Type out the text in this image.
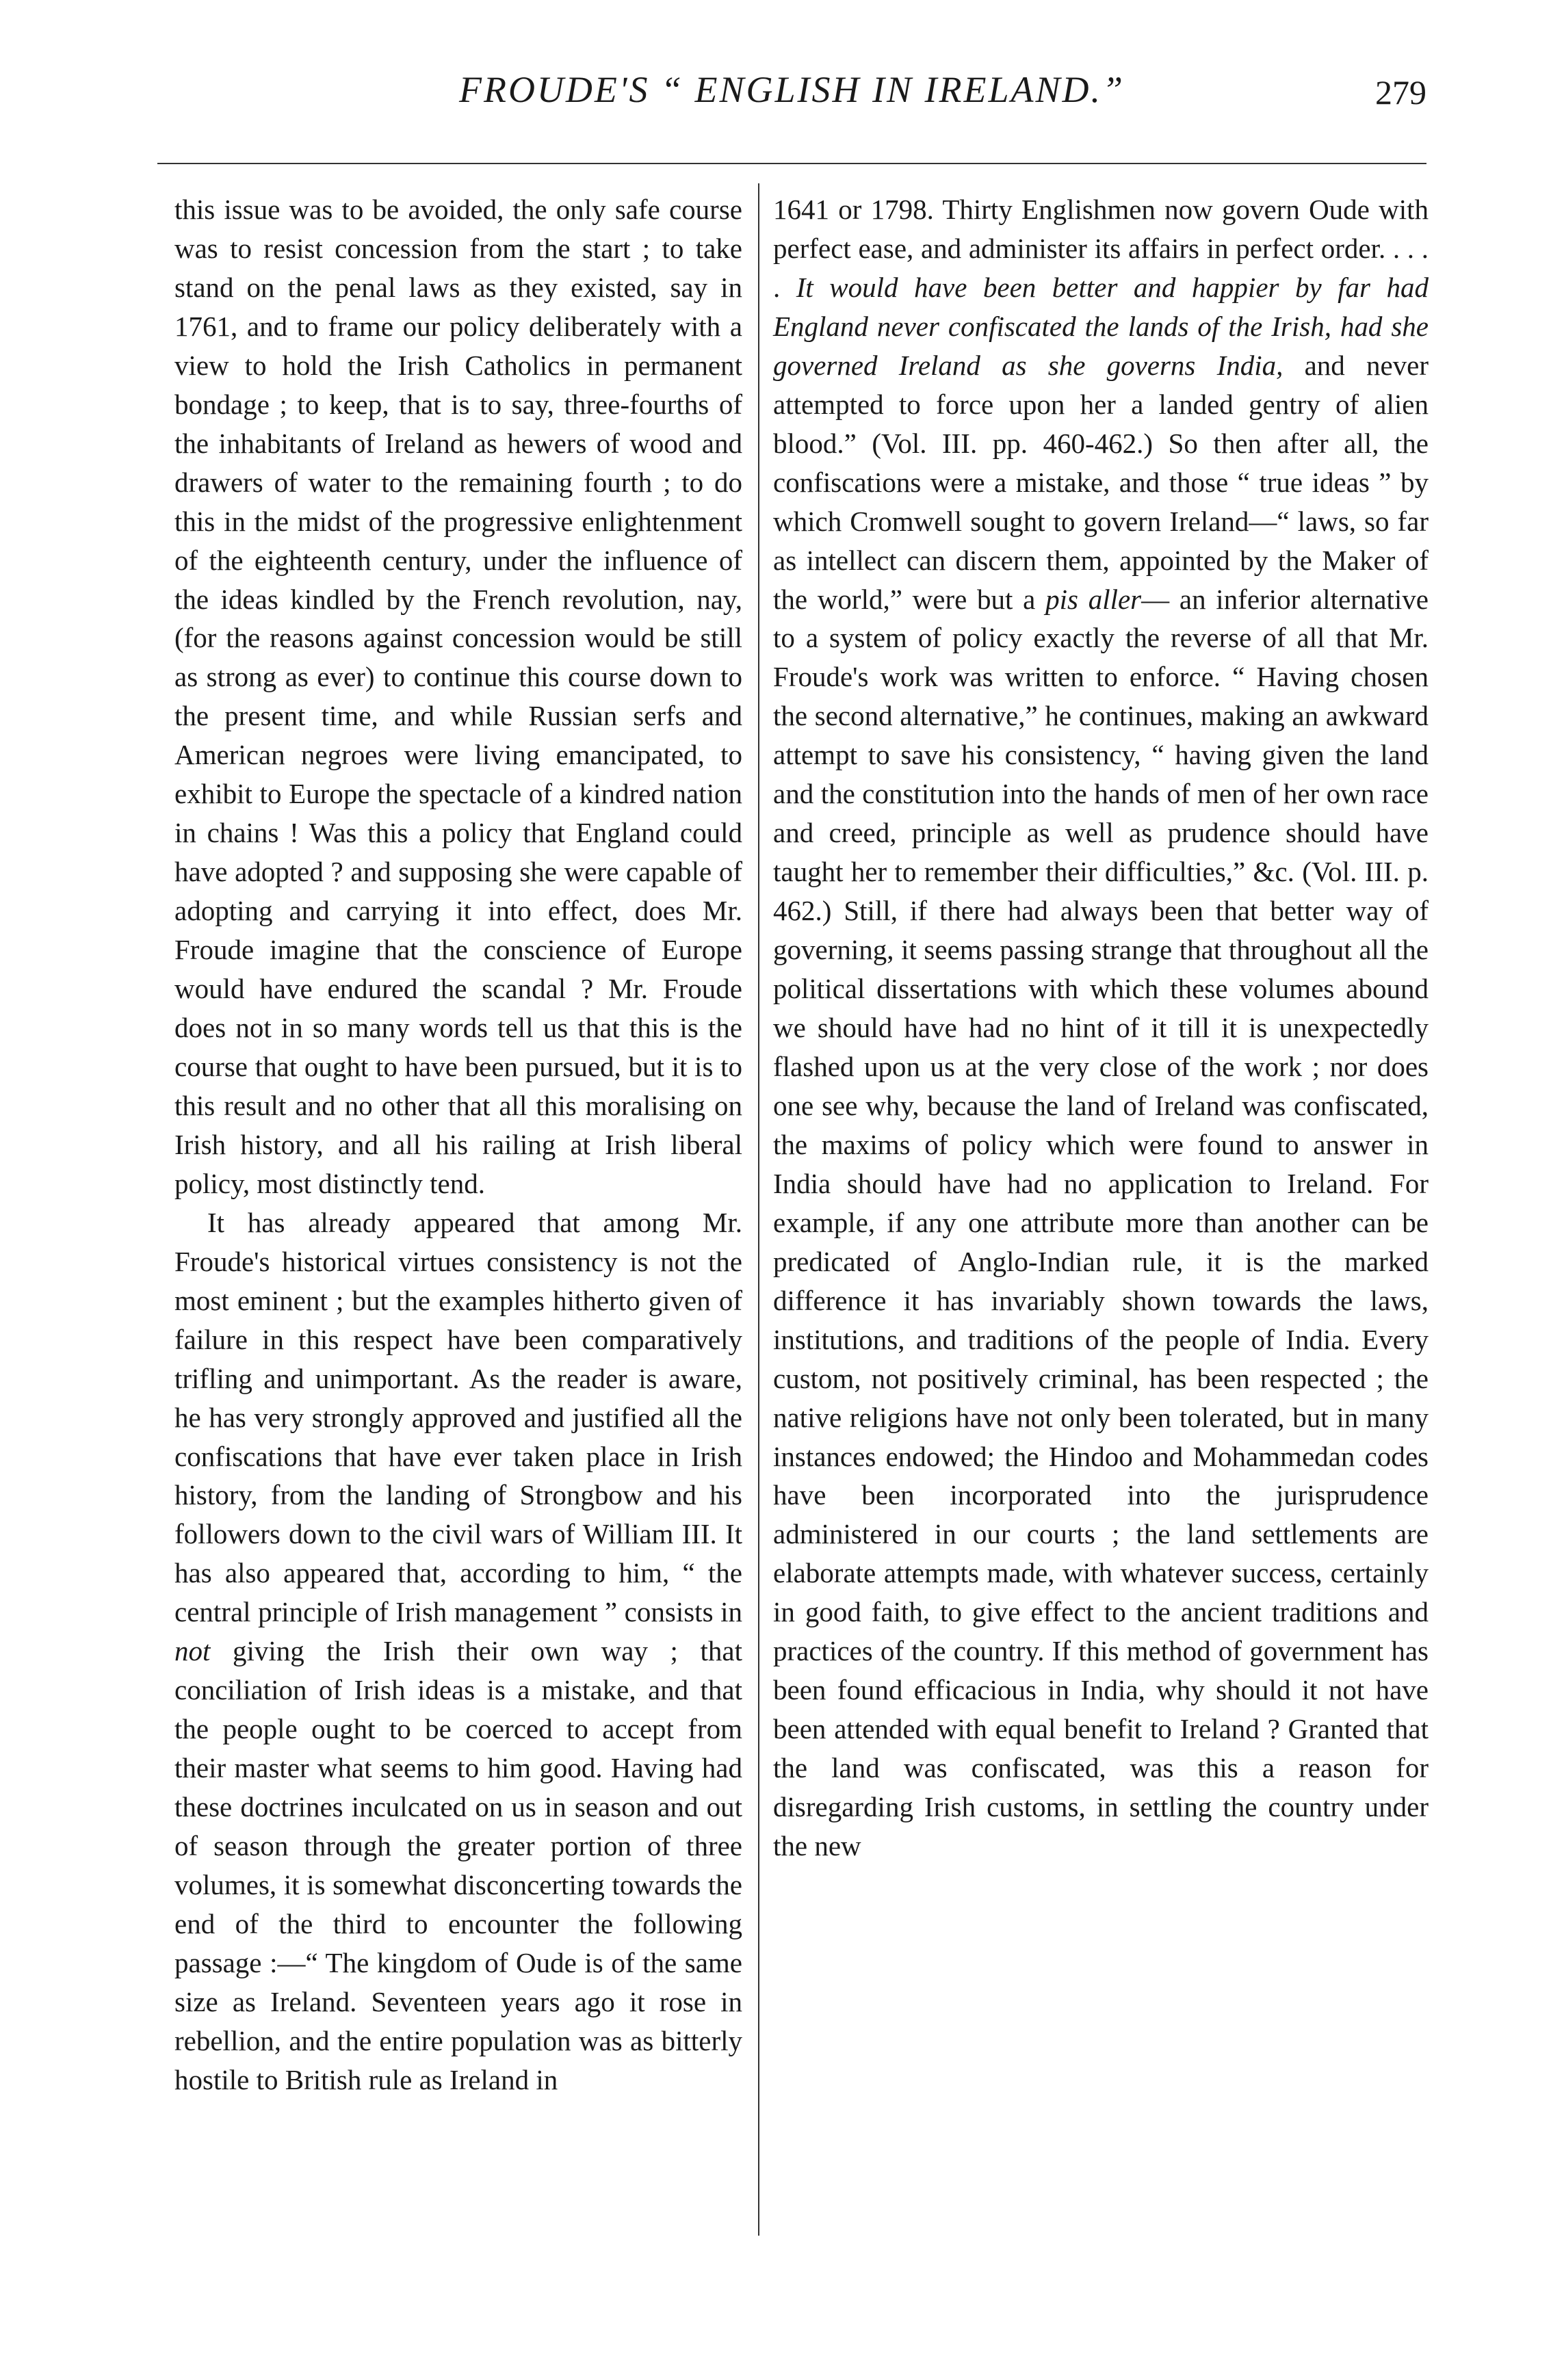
FROUDE'S “ ENGLISH IN IRELAND.”	279

this issue was to be avoided, the only safe course was to resist concession from the start ; to take stand on the penal laws as they existed, say in 1761, and to frame our policy deliberately with a view to hold the Irish Catholics in permanent bondage ; to keep, that is to say, three-fourths of the inhabitants of Ireland as hewers of wood and drawers of water to the remaining fourth ; to do this in the midst of the progressive enlightenment of the eighteenth century, under the influence of the ideas kindled by the French revolution, nay, (for the reasons against concession would be still as strong as ever) to continue this course down to the present time, and while Russian serfs and American negroes were living emancipated, to exhibit to Europe the spectacle of a kindred nation in chains ! Was this a policy that England could have adopted ? and supposing she were capable of adopting and carrying it into effect, does Mr. Froude imagine that the conscience of Europe would have endured the scandal ? Mr. Froude does not in so many words tell us that this is the course that ought to have been pursued, but it is to this result and no other that all this moralising on Irish history, and all his railing at Irish liberal policy, most distinctly tend.

It has already appeared that among Mr. Froude's historical virtues consistency is not the most eminent ; but the examples hitherto given of failure in this respect have been comparatively trifling and unimportant. As the reader is aware, he has very strongly approved and justified all the confiscations that have ever taken place in Irish history, from the landing of Strongbow and his followers down to the civil wars of William III. It has also appeared that, according to him, “ the central principle of Irish management ” consists in not giving the Irish their own way ; that conciliation of Irish ideas is a mistake, and that the people ought to be coerced to accept from their master what seems to him good. Having had these doctrines inculcated on us in season and out of season through the greater portion of three volumes, it is somewhat disconcerting towards the end of the third to encounter the following passage :—“ The kingdom of Oude is of the same size as Ireland. Seventeen years ago it rose in rebellion, and the entire population was as bitterly hostile to British rule as Ireland in

1641 or 1798. Thirty Englishmen now govern Oude with perfect ease, and administer its affairs in perfect order. . . . . It would have been better and happier by far had England never confiscated the lands of the Irish, had she governed Ireland as she governs India, and never attempted to force upon her a landed gentry of alien blood.” (Vol. III. pp. 460-462.) So then after all, the confiscations were a mistake, and those “ true ideas ” by which Cromwell sought to govern Ireland—“ laws, so far as intellect can discern them, appointed by the Maker of the world,” were but a pis aller— an inferior alternative to a system of policy exactly the reverse of all that Mr. Froude's work was written to enforce. “ Having chosen the second alternative,” he continues, making an awkward attempt to save his consistency, “ having given the land and the constitution into the hands of men of her own race and creed, principle as well as prudence should have taught her to remember their difficulties,” &c. (Vol. III. p. 462.) Still, if there had always been that better way of governing, it seems passing strange that throughout all the political dissertations with which these volumes abound we should have had no hint of it till it is unexpectedly flashed upon us at the very close of the work ; nor does one see why, because the land of Ireland was confiscated, the maxims of policy which were found to answer in India should have had no application to Ireland. For example, if any one attribute more than another can be predicated of Anglo-Indian rule, it is the marked difference it has invariably shown towards the laws, institutions, and traditions of the people of India. Every custom, not positively criminal, has been respected ; the native religions have not only been tolerated, but in many instances endowed; the Hindoo and Mohammedan codes have been incorporated into the jurisprudence administered in our courts ; the land settlements are elaborate attempts made, with whatever success, certainly in good faith, to give effect to the ancient traditions and practices of the country. If this method of government has been found efficacious in India, why should it not have been attended with equal benefit to Ireland ? Granted that the land was confiscated, was this a reason for disregarding Irish customs, in settling the country under the new
